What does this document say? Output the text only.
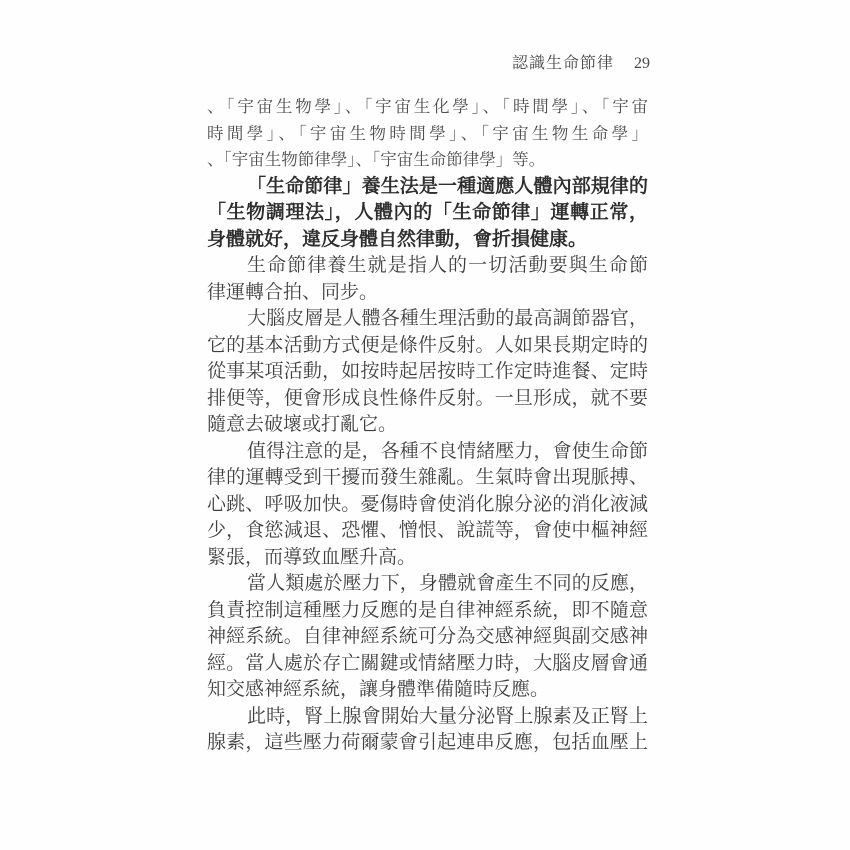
認識生命節律 29
、「宇宙生物學」、「宇宙生化學」、「時間學」、「宇宙
時間學」、「宇宙生物時間學」、「宇宙生物生命學」
、「宇宙生物節律學」、「宇宙生命節律學」等。
「生命節律」養生法是一種適應人體內部規律的
「生物調理法」，人體內的「生命節律」運轉正常，
身體就好，違反身體自然律動，會折損健康。
生命節律養生就是指人的一切活動要與生命節
律運轉合拍、同步。
大腦皮層是人體各種生理活動的最高調節器官，
它的基本活動方式便是條件反射。人如果長期定時的
從事某項活動，如按時起居按時工作定時進餐、定時
排便等，便會形成良性條件反射。一旦形成，就不要
隨意去破壞或打亂它。
值得注意的是，各種不良情緒壓力，會使生命節
律的運轉受到干擾而發生雜亂。生氣時會出現脈搏、
心跳、呼吸加快。憂傷時會使消化腺分泌的消化液減
少，食慾減退、恐懼、憎恨、說謊等，會使中樞神經
緊張，而導致血壓升高。
當人類處於壓力下，身體就會產生不同的反應，
負責控制這種壓力反應的是自律神經系統，即不隨意
神經系統。自律神經系統可分為交感神經與副交感神
經。當人處於存亡關鍵或情緒壓力時，大腦皮層會通
知交感神經系統，讓身體準備隨時反應。
此時，腎上腺會開始大量分泌腎上腺素及正腎上
腺素，這些壓力荷爾蒙會引起連串反應，包括血壓上
